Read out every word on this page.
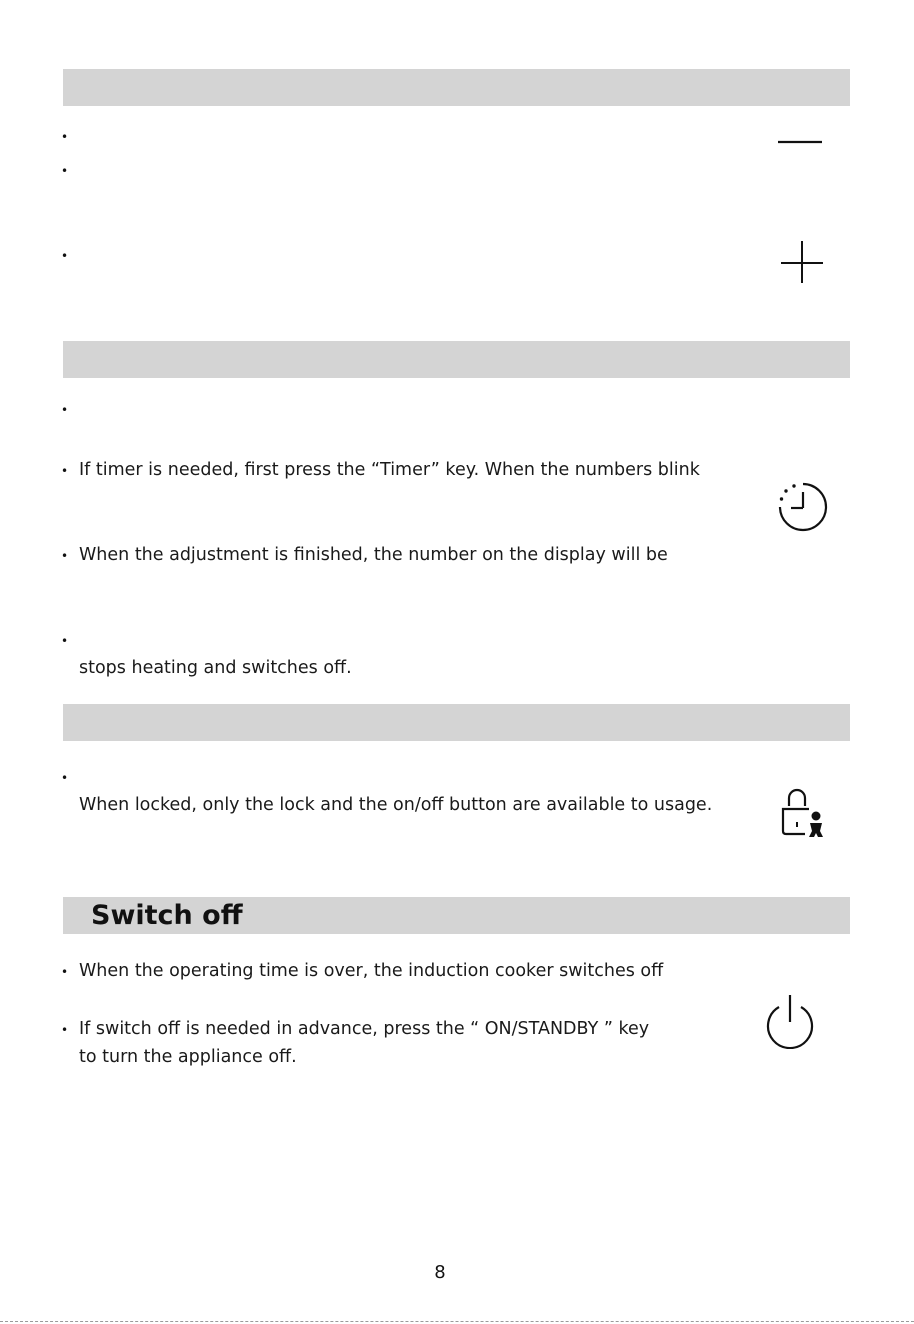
•
•
•
•
• If timer is needed, first press the “Timer” key. When the numbers blink
• When the adjustment is finished, the number on the display will be
•
stops heating and switches off.
•
When locked, only the lock and the on/off button are available to usage.
Switch off
• When the operating time is over, the induction cooker switches off
• If switch off is needed in advance, press the “ ON/STANDBY ” key
to turn the appliance off.
8
